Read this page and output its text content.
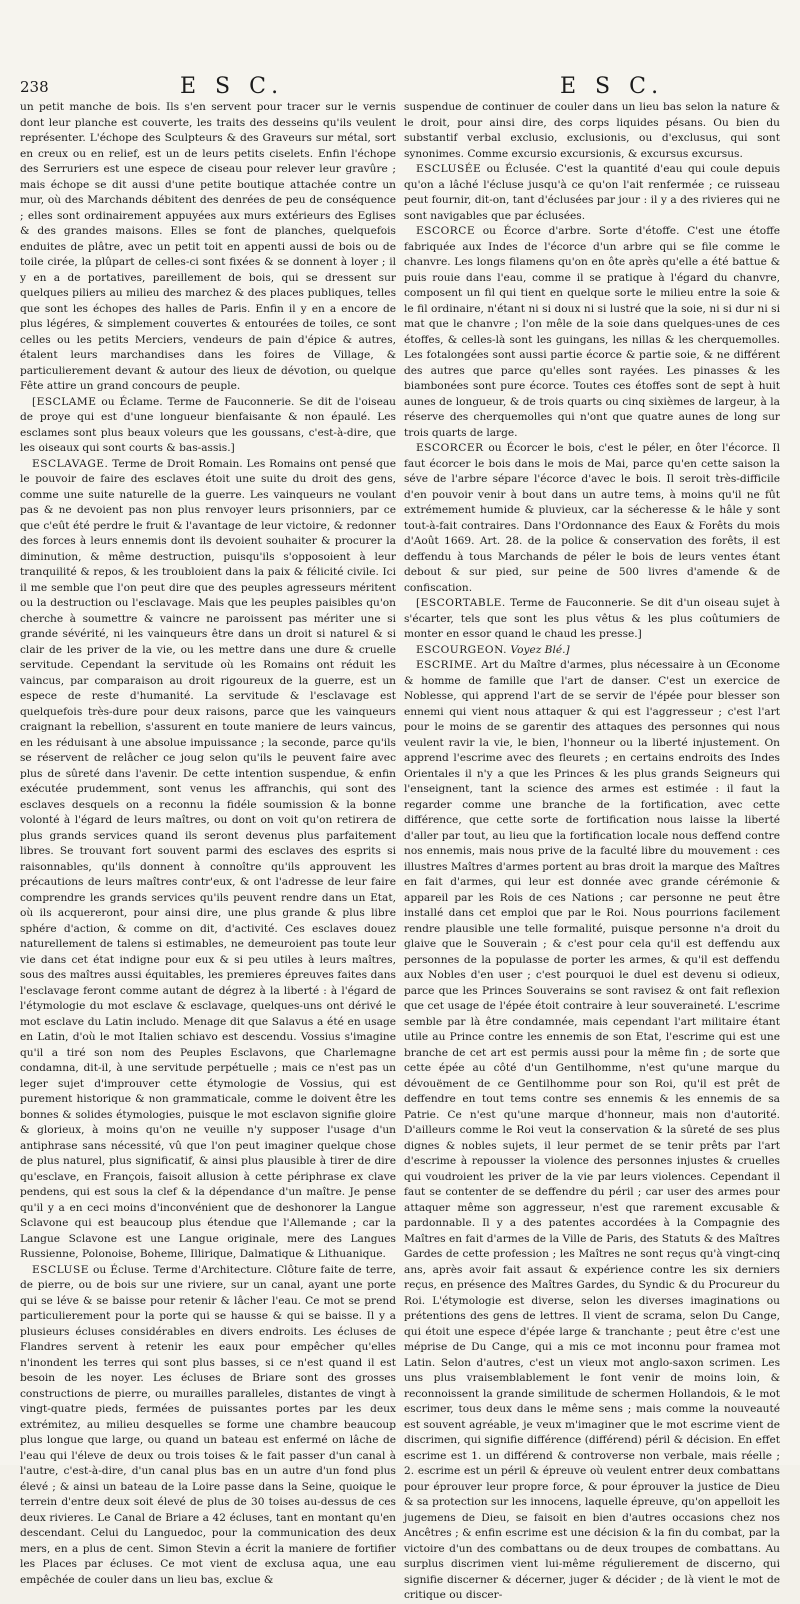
238	E S C.	E S C.

un petit manche de bois. Ils s'en servent pour tracer sur le vernis dont leur planche est couverte, les traits des desseins qu'ils veulent représenter. L'échope des Sculpteurs & des Graveurs sur métal, sort en creux ou en relief, est un de leurs petits ciselets. Enfin l'échope des Serruriers est une espece de ciseau pour relever leur gravûre ; mais échope se dit aussi d'une petite boutique attachée contre un mur, où des Marchands débitent des denrées de peu de conséquence ; elles sont ordinairement appuyées aux murs extérieurs des Eglises & des grandes maisons. Elles se font de planches, quelquefois enduites de plâtre, avec un petit toit en appenti aussi de bois ou de toile cirée, la plûpart de celles-ci sont fixées & se donnent à loyer ; il y en a de portatives, pareillement de bois, qui se dressent sur quelques piliers au milieu des marchez & des places publiques, telles que sont les échopes des halles de Paris. Enfin il y en a encore de plus légéres, & simplement couvertes & entourées de toiles, ce sont celles ou les petits Merciers, vendeurs de pain d'épice & autres, étalent leurs marchandises dans les foires de Village, & particulierement devant & autour des lieux de dévotion, ou quelque Fête attire un grand concours de peuple.

[ESCLAME ou Éclame. Terme de Fauconnerie. Se dit de l'oiseau de proye qui est d'une longueur bienfaisante & non épaulé. Les esclames sont plus beaux voleurs que les goussans, c'est-à-dire, que les oiseaux qui sont courts & bas-assis.]

ESCLAVAGE. Terme de Droit Romain. Les Romains ont pensé que le pouvoir de faire des esclaves étoit une suite du droit des gens, comme une suite naturelle de la guerre. Les vainqueurs ne voulant pas & ne devoient pas non plus renvoyer leurs prisonniers, par ce que c'eût été perdre le fruit & l'avantage de leur victoire, & redonner des forces à leurs ennemis dont ils devoient souhaiter & procurer la diminution, & même destruction, puisqu'ils s'opposoient à leur tranquilité & repos, & les troubloient dans la paix & félicité civile. Ici il me semble que l'on peut dire que des peuples agresseurs méritent ou la destruction ou l'esclavage. Mais que les peuples paisibles qu'on cherche à soumettre & vaincre ne paroissent pas mériter une si grande sévérité, ni les vainqueurs être dans un droit si naturel & si clair de les priver de la vie, ou les mettre dans une dure & cruelle servitude. Cependant la servitude où les Romains ont réduit les vaincus, par comparaison au droit rigoureux de la guerre, est un espece de reste d'humanité. La servitude & l'esclavage est quelquefois très-dure pour deux raisons, parce que les vainqueurs craignant la rebellion, s'assurent en toute maniere de leurs vaincus, en les réduisant à une absolue impuissance ; la seconde, parce qu'ils se réservent de relâcher ce joug selon qu'ils le peuvent faire avec plus de sûreté dans l'avenir. De cette intention suspendue, & enfin exécutée prudemment, sont venus les affranchis, qui sont des esclaves desquels on a reconnu la fidéle soumission & la bonne volonté à l'égard de leurs maîtres, ou dont on voit qu'on retirera de plus grands services quand ils seront devenus plus parfaitement libres. Se trouvant fort souvent parmi des esclaves des esprits si raisonnables, qu'ils donnent à connoître qu'ils approuvent les précautions de leurs maîtres contr'eux, & ont l'adresse de leur faire comprendre les grands services qu'ils peuvent rendre dans un Etat, où ils acquereront, pour ainsi dire, une plus grande & plus libre sphére d'action, & comme on dit, d'activité. Ces esclaves douez naturellement de talens si estimables, ne demeuroient pas toute leur vie dans cet état indigne pour eux & si peu utiles à leurs maîtres, sous des maîtres aussi équitables, les premieres épreuves faites dans l'esclavage feront comme autant de dégrez à la liberté : à l'égard de l'étymologie du mot esclave & esclavage, quelques-uns ont dérivé le mot esclave du Latin includo. Menage dit que Salavus a été en usage en Latin, d'où le mot Italien schiavo est descendu. Vossius s'imagine qu'il a tiré son nom des Peuples Esclavons, que Charlemagne condamna, dit-il, à une servitude perpétuelle ; mais ce n'est pas un leger sujet d'improuver cette étymologie de Vossius, qui est purement historique & non grammaticale, comme le doivent être les bonnes & solides étymologies, puisque le mot esclavon signifie gloire & glorieux, à moins qu'on ne veuille n'y supposer l'usage d'un antiphrase sans nécessité, vû que l'on peut imaginer quelque chose de plus naturel, plus significatif, & ainsi plus plausible à tirer de dire qu'esclave, en François, faisoit allusion à cette périphrase ex clave pendens, qui est sous la clef & la dépendance d'un maître. Je pense qu'il y a en ceci moins d'inconvénient que de deshonorer la Langue Sclavone qui est beaucoup plus étendue que l'Allemande ; car la Langue Sclavone est une Langue originale, mere des Langues Russienne, Polonoise, Boheme, Illirique, Dalmatique & Lithuanique.

ESCLUSE ou Écluse. Terme d'Architecture. Clôture faite de terre, de pierre, ou de bois sur une riviere, sur un canal, ayant une porte qui se léve & se baisse pour retenir & lâcher l'eau. Ce mot se prend particulierement pour la porte qui se hausse & qui se baisse. Il y a plusieurs écluses considérables en divers endroits. Les écluses de Flandres servent à retenir les eaux pour empêcher qu'elles n'inondent les terres qui sont plus basses, si ce n'est quand il est besoin de les noyer. Les écluses de Briare sont des grosses constructions de pierre, ou murailles paralleles, distantes de vingt à vingt-quatre pieds, fermées de puissantes portes par les deux extrémitez, au milieu desquelles se forme une chambre beaucoup plus longue que large, ou quand un bateau est enfermé on lâche de l'eau qui l'éleve de deux ou trois toises & le fait passer d'un canal à l'autre, c'est-à-dire, d'un canal plus bas en un autre d'un fond plus élevé ; & ainsi un bateau de la Loire passe dans la Seine, quoique le terrein d'entre deux soit élevé de plus de 30 toises au-dessus de ces deux rivieres. Le Canal de Briare a 42 écluses, tant en montant qu'en descendant. Celui du Languedoc, pour la communication des deux mers, en a plus de cent. Simon Stevin a écrit la maniere de fortifier les Places par écluses. Ce mot vient de exclusa aqua, une eau empêchée de couler dans un lieu bas, exclue &

suspendue de continuer de couler dans un lieu bas selon la nature & le droit, pour ainsi dire, des corps liquides pésans. Ou bien du substantif verbal exclusio, exclusionis, ou d'exclusus, qui sont synonimes. Comme excursio excursionis, & excursus excursus.

ESCLUSÉE ou Éclusée. C'est la quantité d'eau qui coule depuis qu'on a lâché l'écluse jusqu'à ce qu'on l'ait renfermée ; ce ruisseau peut fournir, dit-on, tant d'éclusées par jour : il y a des rivieres qui ne sont navigables que par éclusées.

ESCORCE ou Écorce d'arbre. Sorte d'étoffe. C'est une étoffe fabriquée aux Indes de l'écorce d'un arbre qui se file comme le chanvre. Les longs filamens qu'on en ôte après qu'elle a été battue & puis rouie dans l'eau, comme il se pratique à l'égard du chanvre, composent un fil qui tient en quelque sorte le milieu entre la soie & le fil ordinaire, n'étant ni si doux ni si lustré que la soie, ni si dur ni si mat que le chanvre ; l'on mêle de la soie dans quelques-unes de ces étoffes, & celles-là sont les guingans, les nillas & les cherquemolles. Les fotalongées sont aussi partie écorce & partie soie, & ne différent des autres que parce qu'elles sont rayées. Les pinasses & les biambonées sont pure écorce. Toutes ces étoffes sont de sept à huit aunes de longueur, & de trois quarts ou cinq sixièmes de largeur, à la réserve des cherquemolles qui n'ont que quatre aunes de long sur trois quarts de large.

ESCORCER ou Écorcer le bois, c'est le péler, en ôter l'écorce. Il faut écorcer le bois dans le mois de Mai, parce qu'en cette saison la séve de l'arbre sépare l'écorce d'avec le bois. Il seroit très-difficile d'en pouvoir venir à bout dans un autre tems, à moins qu'il ne fût extrémement humide & pluvieux, car la sécheresse & le hâle y sont tout-à-fait contraires. Dans l'Ordonnance des Eaux & Forêts du mois d'Août 1669. Art. 28. de la police & conservation des forêts, il est deffendu à tous Marchands de péler le bois de leurs ventes étant debout & sur pied, sur peine de 500 livres d'amende & de confiscation.

[ESCORTABLE. Terme de Fauconnerie. Se dit d'un oiseau sujet à s'écarter, tels que sont les plus vêtus & les plus coûtumiers de monter en essor quand le chaud les presse.]

ESCOURGEON. Voyez Blé.]

ESCRIME. Art du Maître d'armes, plus nécessaire à un Œconome & homme de famille que l'art de danser. C'est un exercice de Noblesse, qui apprend l'art de se servir de l'épée pour blesser son ennemi qui vient nous attaquer & qui est l'aggresseur ; c'est l'art pour le moins de se garentir des attaques des personnes qui nous veulent ravir la vie, le bien, l'honneur ou la liberté injustement. On apprend l'escrime avec des fleurets ; en certains endroits des Indes Orientales il n'y a que les Princes & les plus grands Seigneurs qui l'enseignent, tant la science des armes est estimée : il faut la regarder comme une branche de la fortification, avec cette différence, que cette sorte de fortification nous laisse la liberté d'aller par tout, au lieu que la fortification locale nous deffend contre nos ennemis, mais nous prive de la faculté libre du mouvement : ces illustres Maîtres d'armes portent au bras droit la marque des Maîtres en fait d'armes, qui leur est donnée avec grande cérémonie & appareil par les Rois de ces Nations ; car personne ne peut être installé dans cet emploi que par le Roi. Nous pourrions facilement rendre plausible une telle formalité, puisque personne n'a droit du glaive que le Souverain ; & c'est pour cela qu'il est deffendu aux personnes de la populasse de porter les armes, & qu'il est deffendu aux Nobles d'en user ; c'est pourquoi le duel est devenu si odieux, parce que les Princes Souverains se sont ravisez & ont fait reflexion que cet usage de l'épée étoit contraire à leur souveraineté. L'escrime semble par là être condamnée, mais cependant l'art militaire étant utile au Prince contre les ennemis de son Etat, l'escrime qui est une branche de cet art est permis aussi pour la même fin ; de sorte que cette épée au côté d'un Gentilhomme, n'est qu'une marque du dévouëment de ce Gentilhomme pour son Roi, qu'il est prêt de deffendre en tout tems contre ses ennemis & les ennemis de sa Patrie. Ce n'est qu'une marque d'honneur, mais non d'autorité. D'ailleurs comme le Roi veut la conservation & la sûreté de ses plus dignes & nobles sujets, il leur permet de se tenir prêts par l'art d'escrime à repousser la violence des personnes injustes & cruelles qui voudroient les priver de la vie par leurs violences. Cependant il faut se contenter de se deffendre du péril ; car user des armes pour attaquer même son aggresseur, n'est que rarement excusable & pardonnable. Il y a des patentes accordées à la Compagnie des Maîtres en fait d'armes de la Ville de Paris, des Statuts & des Maîtres Gardes de cette profession ; les Maîtres ne sont reçus qu'à vingt-cinq ans, après avoir fait assaut & expérience contre les six derniers reçus, en présence des Maîtres Gardes, du Syndic & du Procureur du Roi. L'étymologie est diverse, selon les diverses imaginations ou prétentions des gens de lettres. Il vient de scrama, selon Du Cange, qui étoit une espece d'épée large & tranchante ; peut être c'est une méprise de Du Cange, qui a mis ce mot inconnu pour framea mot Latin. Selon d'autres, c'est un vieux mot anglo-saxon scrimen. Les uns plus vraisemblablement le font venir de moins loin, & reconnoissent la grande similitude de schermen Hollandois, & le mot escrimer, tous deux dans le même sens ; mais comme la nouveauté est souvent agréable, je veux m'imaginer que le mot escrime vient de discrimen, qui signifie différence (différend) péril & décision. En effet escrime est 1. un différend & controverse non verbale, mais réelle ; 2. escrime est un péril & épreuve où veulent entrer deux combattans pour éprouver leur propre force, & pour éprouver la justice de Dieu & sa protection sur les innocens, laquelle épreuve, qu'on appelloit les jugemens de Dieu, se faisoit en bien d'autres occasions chez nos Ancêtres ; & enfin escrime est une décision & la fin du combat, par la victoire d'un des combattans ou de deux troupes de combattans. Au surplus discrimen vient lui-même régulierement de discerno, qui signifie discerner & décerner, juger & décider ; de là vient le mot de critique ou discer-
